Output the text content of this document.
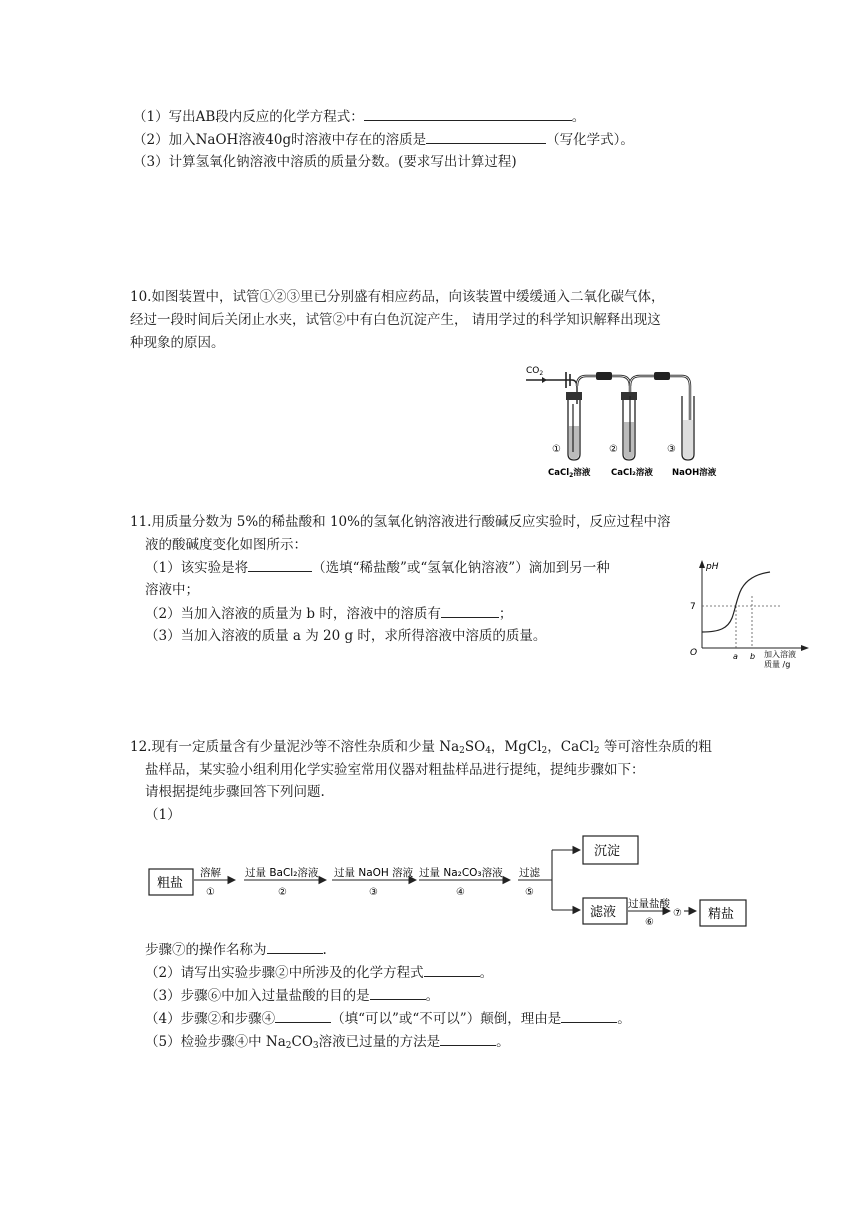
（1）写出AB段内反应的化学方程式：	。
（2）加入NaOH溶液40g时溶液中存在的溶质是	（写化学式）。
（3）计算氢氧化钠溶液中溶质的质量分数。(要求写出计算过程)
10.如图装置中，试管①②③里已分别盛有相应药品，向该装置中缓缓通入二氧化碳气体，
经过一段时间后关闭止水夹，试管②中有白色沉淀产生， 请用学过的科学知识解释出现这
种现象的原因。
$CO_2$
①	②	③
CaCl$_2$溶液 CaCl₂溶液 NaOH溶液
11.用质量分数为 5%的稀盐酸和 10%的氢氧化钠溶液进行酸碱反应实验时，反应过程中溶
液的酸碱度变化如图所示：
（1）该实验是将	（选填“稀盐酸”或“氢氧化钠溶液”）滴加到另一种
溶液中；
（2）当加入溶液的质量为 b 时，溶液中的溶质有	；
（3）当加入溶液的质量 a 为 20 g 时，求所得溶液中溶质的质量。
pH
7
O	a b 加入溶液
质量 /g
12.现有一定质量含有少量泥沙等不溶性杂质和少量 $Na_2SO_4$，MgCl$_2$，CaCl$_2$ 等可溶性杂质的粗
盐样品，某实验小组利用化学实验室常用仪器对粗盐样品进行提纯，提纯步骤如下：
请根据提纯步骤回答下列问题.
（1）
粗盐
溶解
①
过量 BaCl₂溶液
②
过量 NaOH 溶液
③
过量 Na₂CO₃溶液
④
过滤
⑤
沉淀
滤液
过量盐酸
⑥
⑦ 精盐
步骤⑦的操作名称为	.
（2）请写出实验步骤②中所涉及的化学方程式	。
（3）步骤⑥中加入过量盐酸的目的是	。
（4）步骤②和步骤④	（填“可以”或“不可以”）颠倒，理由是	。
（5）检验步骤④中 $Na_2CO_3$溶液已过量的方法是	。
